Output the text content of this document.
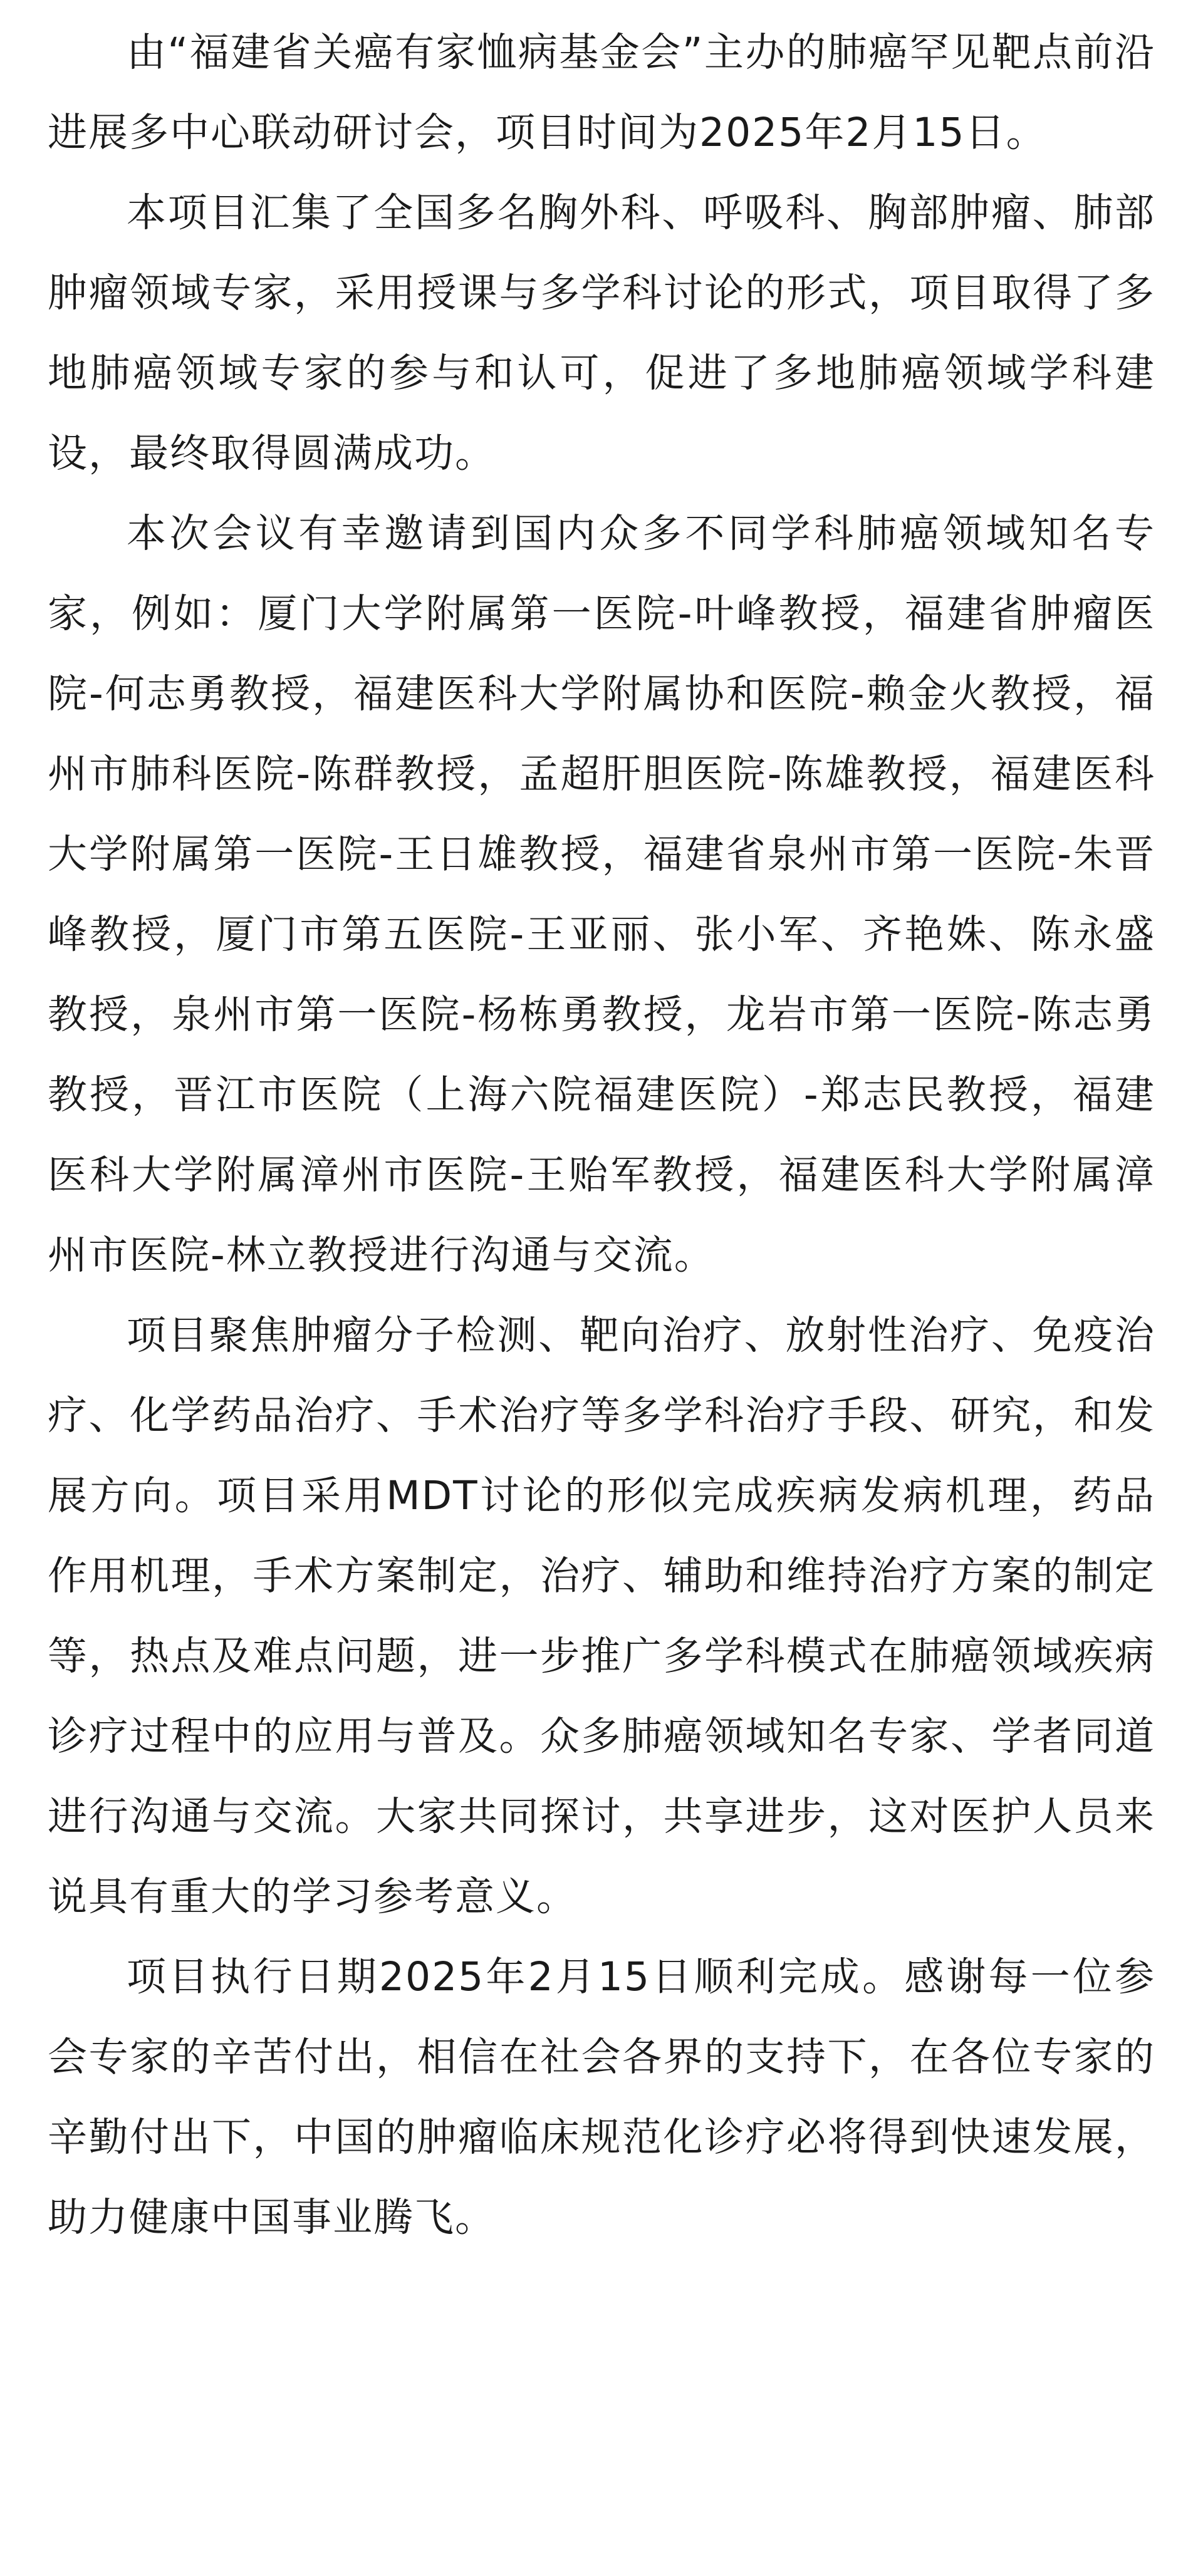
由“福建省关癌有家恤病基金会”主办的肺癌罕见靶点前沿进展多中心联动研讨会，项目时间为2025年2月15日。

本项目汇集了全国多名胸外科、呼吸科、胸部肿瘤、肺部肿瘤领域专家，采用授课与多学科讨论的形式，项目取得了多地肺癌领域专家的参与和认可，促进了多地肺癌领域学科建设，最终取得圆满成功。

本次会议有幸邀请到国内众多不同学科肺癌领域知名专家，例如：厦门大学附属第一医院-叶峰教授，福建省肿瘤医院-何志勇教授，福建医科大学附属协和医院-赖金火教授，福州市肺科医院-陈群教授，孟超肝胆医院-陈雄教授，福建医科大学附属第一医院-王日雄教授，福建省泉州市第一医院-朱晋峰教授，厦门市第五医院-王亚丽、张小军、齐艳姝、陈永盛教授，泉州市第一医院-杨栋勇教授，龙岩市第一医院-陈志勇教授，晋江市医院（上海六院福建医院）-郑志民教授，福建医科大学附属漳州市医院-王贻军教授，福建医科大学附属漳州市医院-林立教授进行沟通与交流。

项目聚焦肿瘤分子检测、靶向治疗、放射性治疗、免疫治疗、化学药品治疗、手术治疗等多学科治疗手段、研究，和发展方向。项目采用MDT讨论的形似完成疾病发病机理，药品作用机理，手术方案制定，治疗、辅助和维持治疗方案的制定等，热点及难点问题，进一步推广多学科模式在肺癌领域疾病诊疗过程中的应用与普及。众多肺癌领域知名专家、学者同道进行沟通与交流。大家共同探讨，共享进步，这对医护人员来说具有重大的学习参考意义。

项目执行日期2025年2月15日顺利完成。感谢每一位参会专家的辛苦付出，相信在社会各界的支持下，在各位专家的辛勤付出下，中国的肿瘤临床规范化诊疗必将得到快速发展，助力健康中国事业腾飞。
